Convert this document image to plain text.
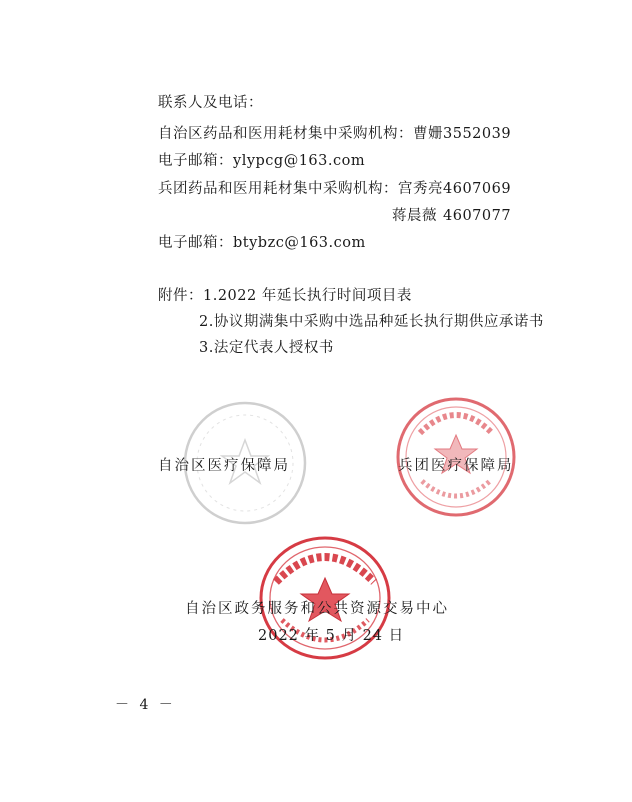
联系人及电话：
自治区药品和医用耗材集中采购机构：曹姗 3552039
电子邮箱：ylypcg@163.com
兵团药品和医用耗材集中采购机构：宫秀亮 4607069
蒋晨薇 4607077
电子邮箱：btybzc@163.com
附件：1.2022 年延长执行时间项目表
2.协议期满集中采购中选品种延长执行期供应承诺书
3.法定代表人授权书
自治区医疗保障局	兵团医疗保障局
自治区政务服务和公共资源交易中心
2022 年 5 月 24 日
－ 4 －
